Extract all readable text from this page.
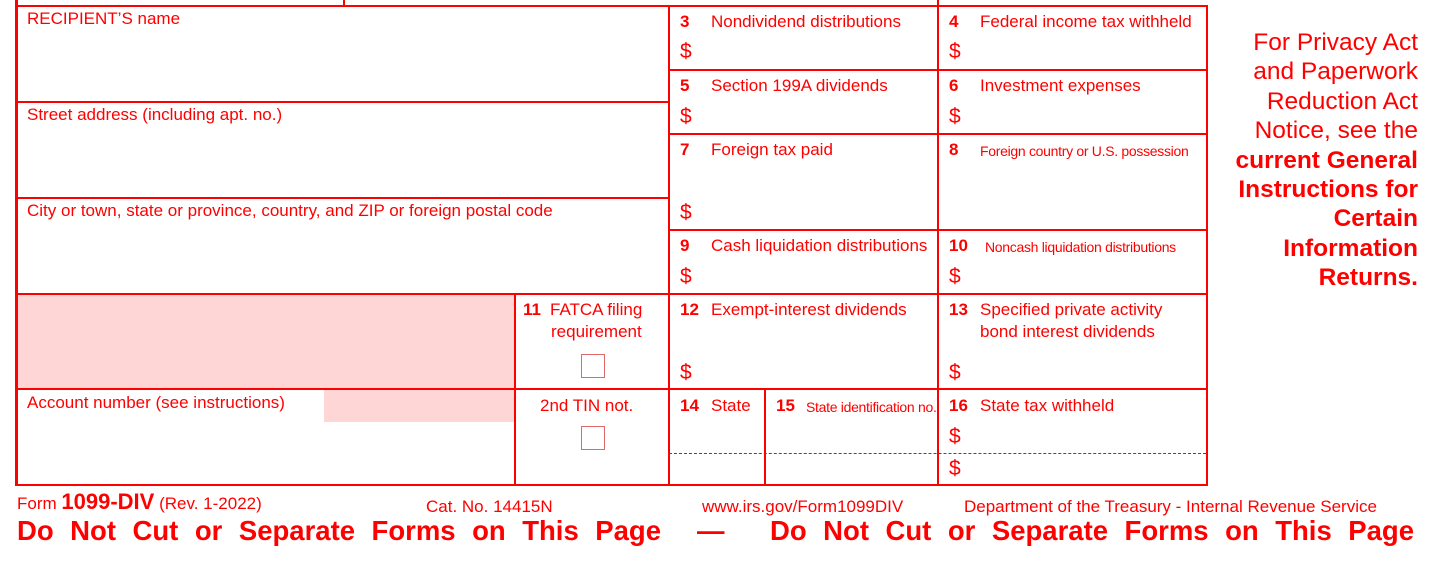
RECIPIENT’S name
Street address (including apt. no.)
City or town, state or province, country, and ZIP or foreign postal code
Account number (see instructions)
3 Nondividend distributions
$
4 Federal income tax withheld
$
5 Section 199A dividends
$
6 Investment expenses
$
7 Foreign tax paid
$
8 Foreign country or U.S. possession
9 Cash liquidation distributions
$
10 Noncash liquidation distributions
$
11 FATCA filing
requirement
12 Exempt-interest dividends
$
13 Specified private activity
bond interest dividends
$
2nd TIN not.	14 State 15 State identification no. 16 State tax withheld
$
$
For Privacy Act
and Paperwork
Reduction Act
Notice, see the
current General
Instructions for
Certain
Information
Returns.
Form 1099-DIV (Rev. 1-2022)	Cat. No. 14415N	www.irs.gov/Form1099DIV	Department of the Treasury - Internal Revenue Service
Do Not Cut or Separate Forms on This Page — Do Not Cut or Separate Forms on This Page
